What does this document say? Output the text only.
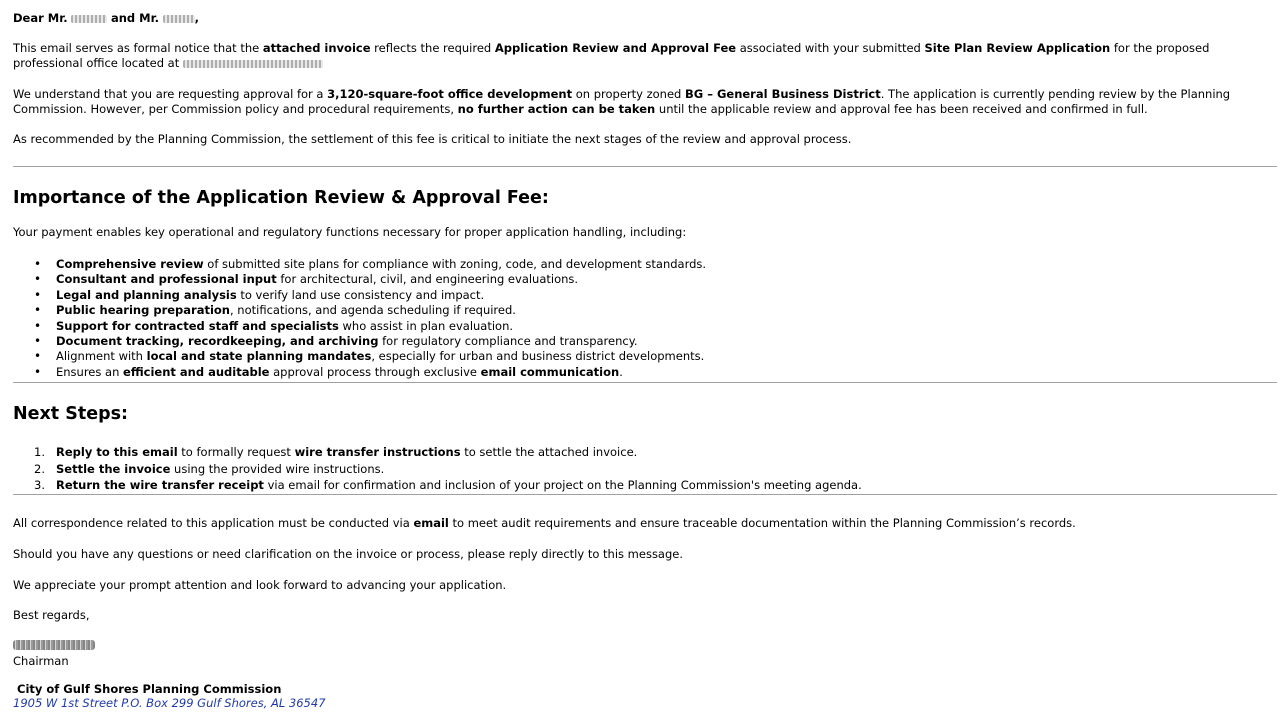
Dear Mr.	and Mr.	,

This email serves as formal notice that the attached invoice reflects the required Application Review and Approval Fee associated with your submitted Site Plan Review Application for the proposed professional office located at

We understand that you are requesting approval for a 3,120-square-foot office development on property zoned BG – General Business District. The application is currently pending review by the Planning Commission. However, per Commission policy and procedural requirements, no further action can be taken until the applicable review and approval fee has been received and confirmed in full.

As recommended by the Planning Commission, the settlement of this fee is critical to initiate the next stages of the review and approval process.

Importance of the Application Review & Approval Fee:

Your payment enables key operational and regulatory functions necessary for proper application handling, including:

• Comprehensive review of submitted site plans for compliance with zoning, code, and development standards.
• Consultant and professional input for architectural, civil, and engineering evaluations.
• Legal and planning analysis to verify land use consistency and impact.
• Public hearing preparation, notifications, and agenda scheduling if required.
• Support for contracted staff and specialists who assist in plan evaluation.
• Document tracking, recordkeeping, and archiving for regulatory compliance and transparency.
• Alignment with local and state planning mandates, especially for urban and business district developments.
• Ensures an efficient and auditable approval process through exclusive email communication.
Next Steps:
1. Reply to this email to formally request wire transfer instructions to settle the attached invoice.
2. Settle the invoice using the provided wire instructions.
3. Return the wire transfer receipt via email for confirmation and inclusion of your project on the Planning Commission's meeting agenda.

All correspondence related to this application must be conducted via email to meet audit requirements and ensure traceable documentation within the Planning Commission’s records.

Should you have any questions or need clarification on the invoice or process, please reply directly to this message.

We appreciate your prompt attention and look forward to advancing your application.

Best regards,

Chairman

City of Gulf Shores Planning Commission

1905 W 1st Street P.O. Box 299 Gulf Shores, AL 36547
